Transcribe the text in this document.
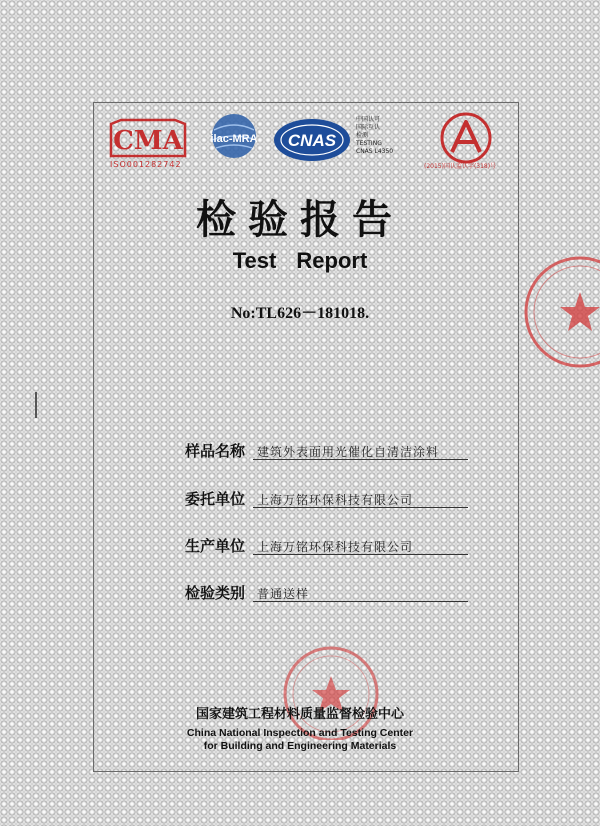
CMA
ISO001282742
ilac-MRA CNAS
中国认可
国际互认
检测
TESTING
CNAS L4350
(2015)国认监认字(318)号
检验报告
Test Report
No:TL626－181018.
样品名称 建筑外表面用光催化自清洁涂料
委托单位 上海万铭环保科技有限公司
生产单位 上海万铭环保科技有限公司
检验类别 普通送样
国家建筑工程材料质量监督检验中心
China National Inspection and Testing Center
for Building and Engineering Materials
